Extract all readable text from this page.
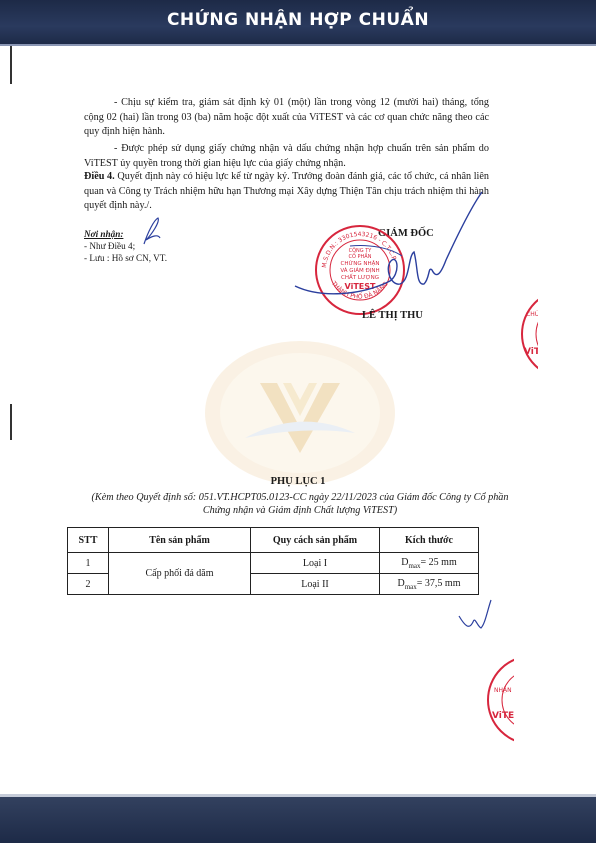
CHỨNG NHẬN HỢP CHUẨN

- Chịu sự kiểm tra, giám sát định kỳ 01 (một) lần trong vòng 12 (mười hai) tháng, tổng cộng 02 (hai) lần trong 03 (ba) năm hoặc đột xuất của ViTEST và các cơ quan chức năng theo các quy định hiện hành.

- Được phép sử dụng giấy chứng nhận và dấu chứng nhận hợp chuẩn trên sản phẩm do ViTEST ủy quyền trong thời gian hiệu lực của giấy chứng nhận.

Điều 4. Quyết định này có hiệu lực kể từ ngày ký. Trưởng đoàn đánh giá, các tổ chức, cá nhân liên quan và Công ty Trách nhiệm hữu hạn Thương mại Xây dựng Thiện Tân chịu trách nhiệm thi hành quyết định này./.

Nơi nhận:
- Như Điều 4;
- Lưu : Hồ sơ CN, VT.
GIÁM ĐỐC
M.S.D.N.: 3301543216 - C.T.C.P
THÀNH PHỐ ĐÀ NẴNG
CÔNG TY
CỔ PHẦN
CHỨNG NHẬN
VÀ GIÁM ĐỊNH
CHẤT LƯỢNG
ViTEST
LÊ THỊ THU	CHỨNG
ViTEST
NHẬN
ViTEST
PHỤ LỤC 1
(Kèm theo Quyết định số: 051.VT.HCPT05.0123-CC ngày 22/11/2023 của Giám đốc Công ty Cổ phần Chứng nhận và Giám định Chất lượng ViTEST)
STT	Tên sản phẩm	Quy cách sản phẩm	Kích thước
1	Cấp phối đá dăm	Loại I	$D_{max}= 25$ mm
2		Loại II	$D_{max}= 37,5$ mm
